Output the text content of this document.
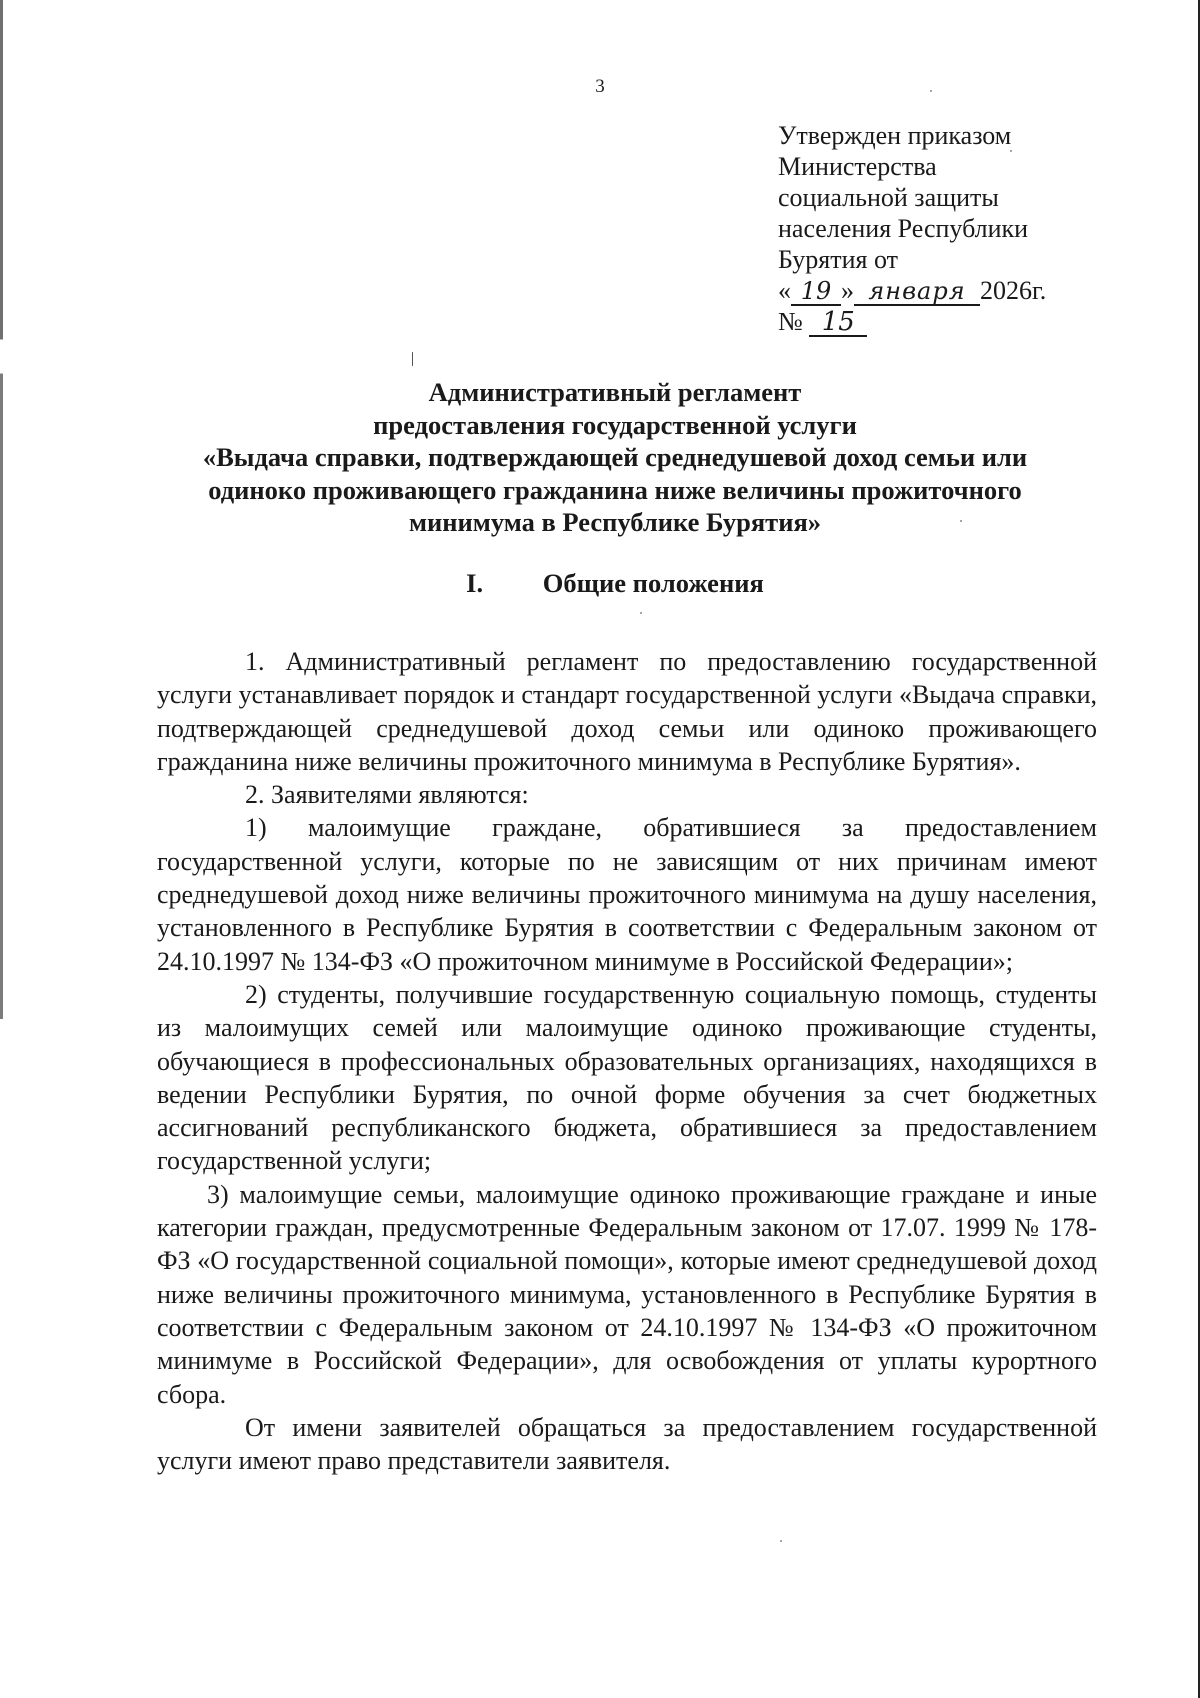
3
Утвержден приказом
Министерства
социальной защиты
населения Республики
Бурятия от
« 19 » января 2026г.
№ 15
Административный регламент
предоставления государственной услуги
«Выдача справки, подтверждающей среднедушевой доход семьи или
одиноко проживающего гражданина ниже величины прожиточного
минимума в Республике Бурятия»
I. Общие положения

1. Административный регламент по предоставлению государственной услуги устанавливает порядок и стандарт государственной услуги «Выдача справки, подтверждающей среднедушевой доход семьи или одиноко проживающего гражданина ниже величины прожиточного минимума в Республике Бурятия».

2. Заявителями являются:

1) малоимущие граждане, обратившиеся за предоставлением государственной услуги, которые по не зависящим от них причинам имеют среднедушевой доход ниже величины прожиточного минимума на душу населения, установленного в Республике Бурятия в соответствии с Федеральным законом от 24.10.1997 № 134-ФЗ «О прожиточном минимуме в Российской Федерации»;

2) студенты, получившие государственную социальную помощь, студенты из малоимущих семей или малоимущие одиноко проживающие студенты, обучающиеся в профессиональных образовательных организациях, находящихся в ведении Республики Бурятия, по очной форме обучения за счет бюджетных ассигнований республиканского бюджета, обратившиеся за предоставлением государственной услуги;

3) малоимущие семьи, малоимущие одиноко проживающие граждане и иные категории граждан, предусмотренные Федеральным законом от 17.07. 1999 № 178-ФЗ «О государственной социальной помощи», которые имеют среднедушевой доход ниже величины прожиточного минимума, установленного в Республике Бурятия в соответствии с Федеральным законом от 24.10.1997 № 134-ФЗ «О прожиточном минимуме в Российской Федерации», для освобождения от уплаты курортного сбора.

От имени заявителей обращаться за предоставлением государственной услуги имеют право представители заявителя.
